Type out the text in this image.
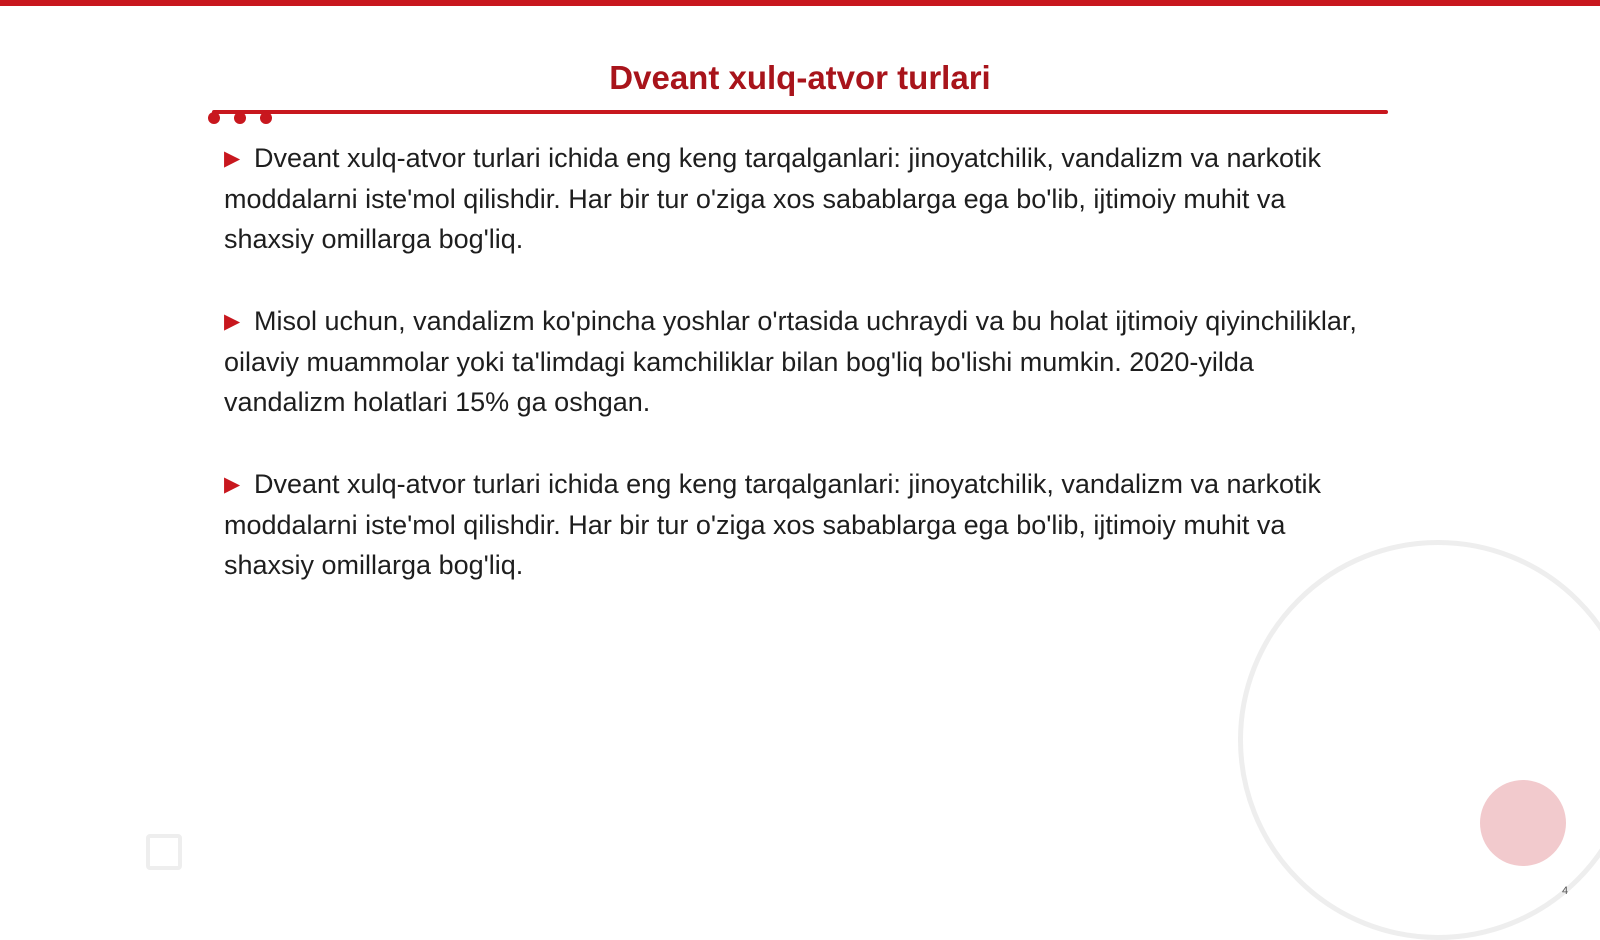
Dveant xulq-atvor turlari

▶ Dveant xulq-atvor turlari ichida eng keng tarqalganlari: jinoyatchilik, vandalizm va narkotik moddalarni iste'mol qilishdir. Har bir tur o'ziga xos sabablarga ega bo'lib, ijtimoiy muhit va shaxsiy omillarga bog'liq.

▶ Misol uchun, vandalizm ko'pincha yoshlar o'rtasida uchraydi va bu holat ijtimoiy qiyinchiliklar, oilaviy muammolar yoki ta'limdagi kamchiliklar bilan bog'liq bo'lishi mumkin. 2020-yilda vandalizm holatlari 15% ga oshgan.

▶ Dveant xulq-atvor turlari ichida eng keng tarqalganlari: jinoyatchilik, vandalizm va narkotik moddalarni iste'mol qilishdir. Har bir tur o'ziga xos sabablarga ega bo'lib, ijtimoiy muhit va shaxsiy omillarga bog'liq.

4
